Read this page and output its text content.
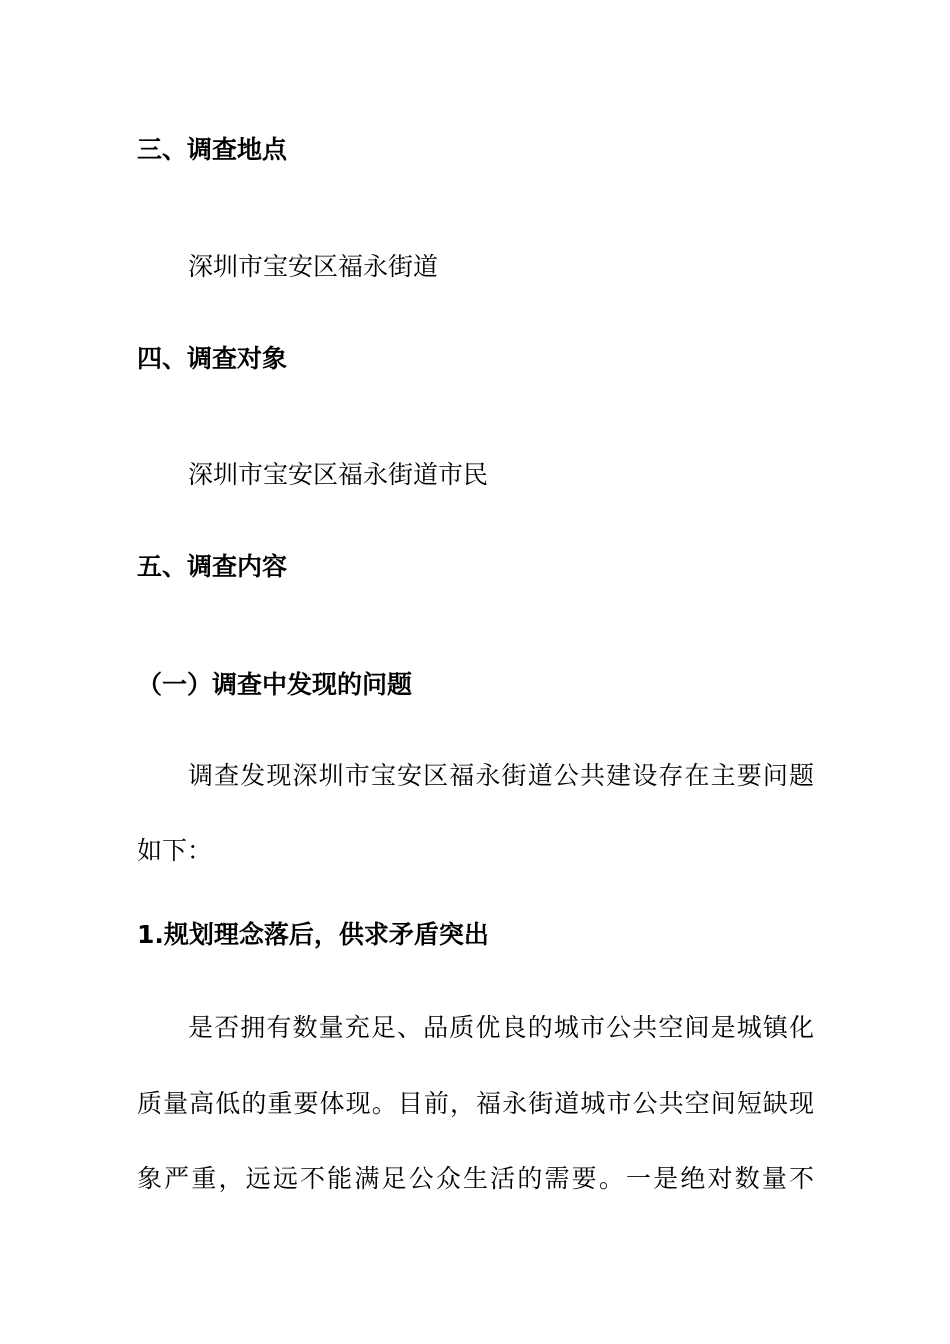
三、调查地点
深圳市宝安区福永街道
四、调查对象
深圳市宝安区福永街道市民
五、调查内容
（一）调查中发现的问题
调查发现深圳市宝安区福永街道公共建设存在主要问题
如下：
1.规划理念落后，供求矛盾突出
是否拥有数量充足、品质优良的城市公共空间是城镇化
质量高低的重要体现。目前，福永街道城市公共空间短缺现
象严重，远远不能满足公众生活的需要。一是绝对数量不
